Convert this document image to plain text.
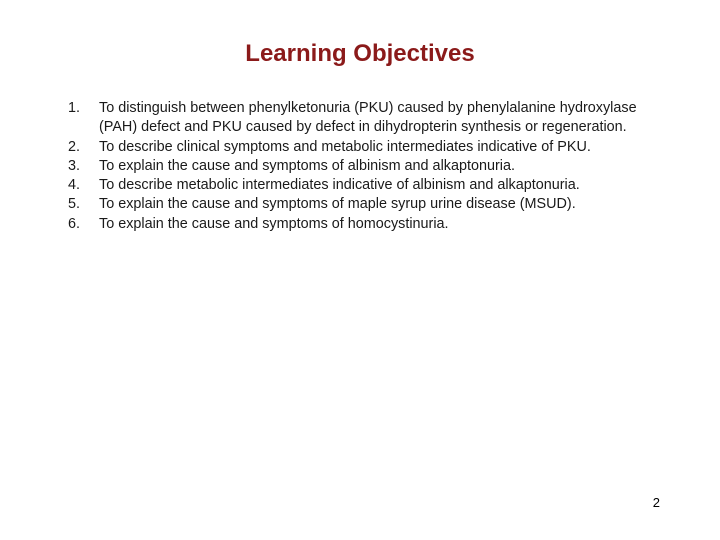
Learning Objectives
1. To distinguish between phenylketonuria (PKU) caused by phenylalanine hydroxylase (PAH) defect and PKU caused by defect in dihydropterin synthesis or regeneration.
2. To describe clinical symptoms and metabolic intermediates indicative of PKU.
3. To explain the cause and symptoms of albinism and alkaptonuria.
4. To describe metabolic intermediates indicative of albinism and alkaptonuria.
5. To explain the cause and symptoms of maple syrup urine disease (MSUD).
6. To explain the cause and symptoms of homocystinuria.
2
